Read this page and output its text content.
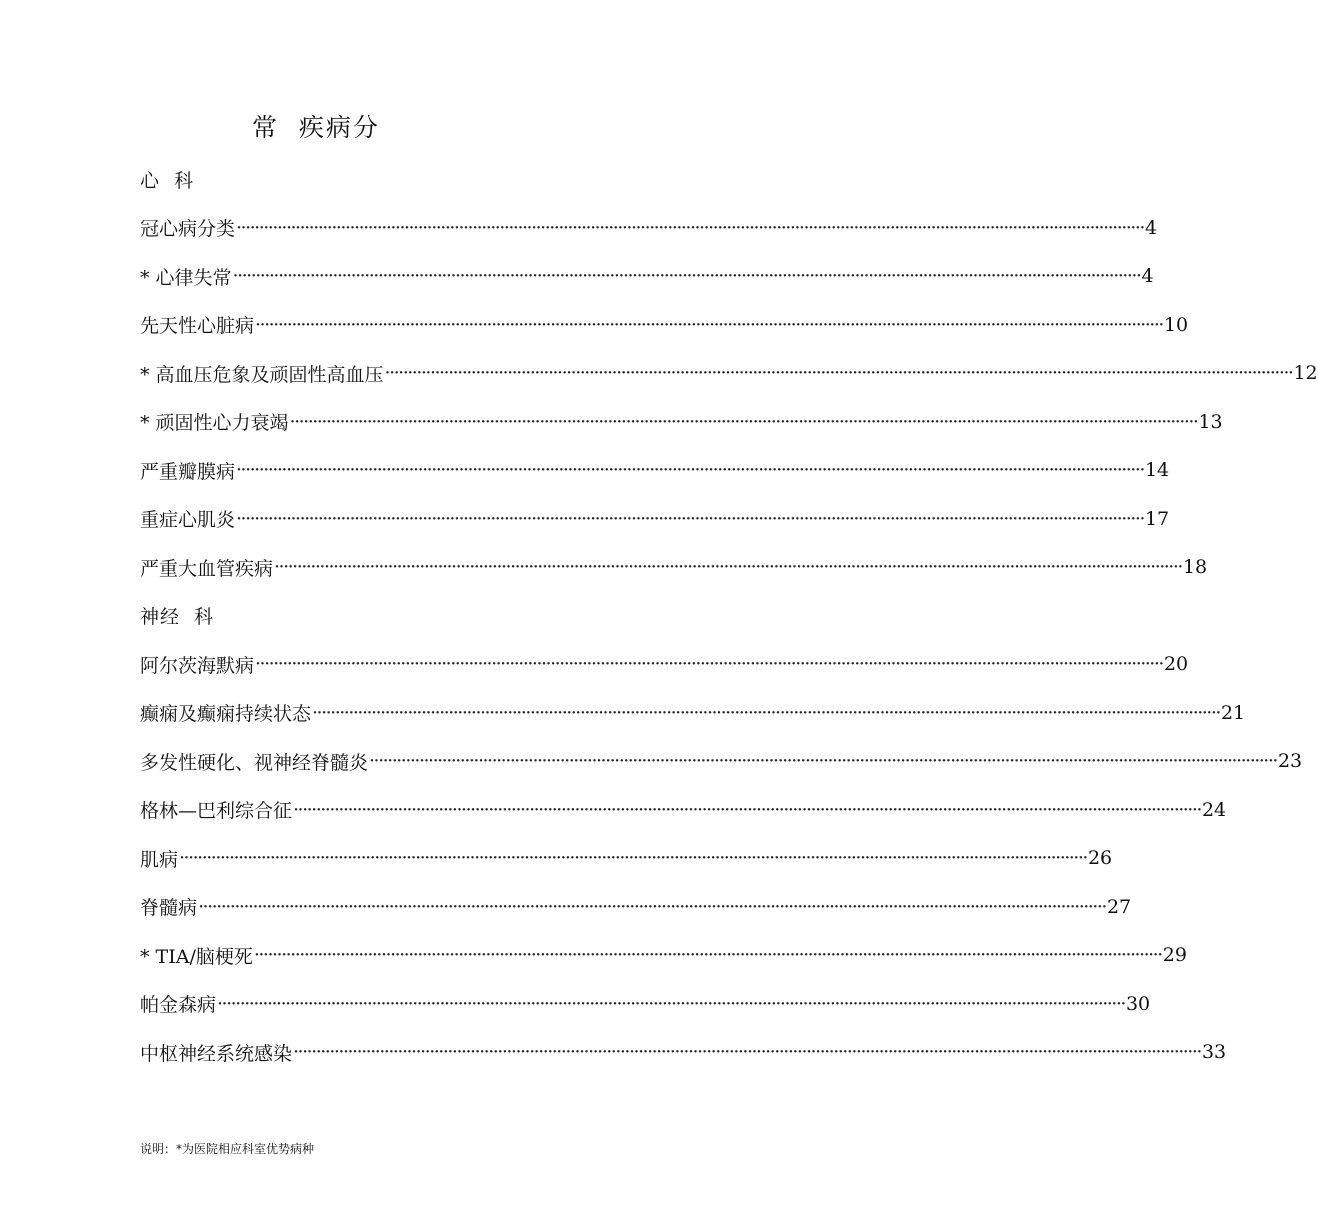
常  疾病分
心  科
冠心病分类 ········································································································································································································ 4
* 心律失常 ········································································································································································································ 4
先天性心脏病 ········································································································································································································ 10
* 高血压危象及顽固性高血压 ········································································································································································································ 12
* 顽固性心力衰竭 ········································································································································································································ 13
严重瓣膜病 ········································································································································································································ 14
重症心肌炎 ········································································································································································································ 17
严重大血管疾病 ········································································································································································································ 18
神经  科
阿尔茨海默病 ········································································································································································································ 20
癫痫及癫痫持续状态 ········································································································································································································ 21
多发性硬化、视神经脊髓炎 ········································································································································································································ 23
格林—巴利综合征 ········································································································································································································ 24
肌病 ········································································································································································································ 26
脊髓病 ········································································································································································································ 27
* TIA/脑梗死 ········································································································································································································ 29
帕金森病 ········································································································································································································ 30
中枢神经系统感染 ········································································································································································································ 33
说明：*为医院相应科室优势病种
